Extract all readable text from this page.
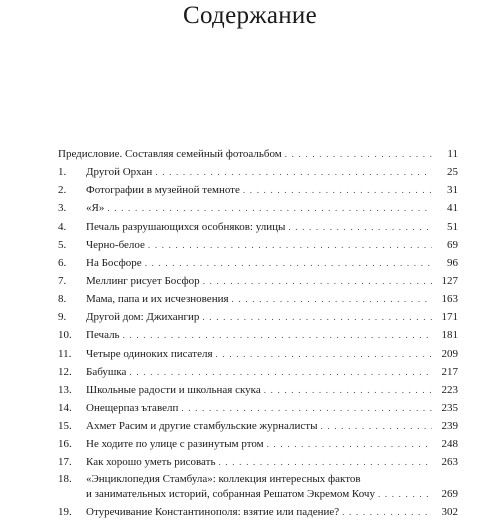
Содержание
Предисловие. Составляя семейный фотоальбом . . .	11
1.	Другой Орхан . . .	25
2.	Фотографии в музейной темноте . . .	31
3.	«Я» . . .	41
4.	Печаль разрушающихся особняков: улицы . . .	51
5.	Черно-белое . . .	69
6.	На Босфоре . . .	96
7.	Меллинг рисует Босфор . . .	127
8.	Мама, папа и их исчезновения . . .	163
9.	Другой дом: Джихангир . . .	171
10.	Печаль . . .	181
11.	Четыре одиноких писателя . . .	209
12.	Бабушка . . .	217
13.	Школьные радости и школьная скука . . .	223
14.	Онещерпаз ътавелп . . .	235
15.	Ахмет Расим и другие стамбульские журналисты . . .	239
16.	Не ходите по улице с разинутым ртом . . .	248
17.	Как хорошо уметь рисовать . . .	263
18.	«Энциклопедия Стамбула»: коллекция интересных фактов
и занимательных историй, собранная Решатом Экремом Кочу . . .	269
19.	Отуречивание Константинополя: взятие или падение? . . .	302
